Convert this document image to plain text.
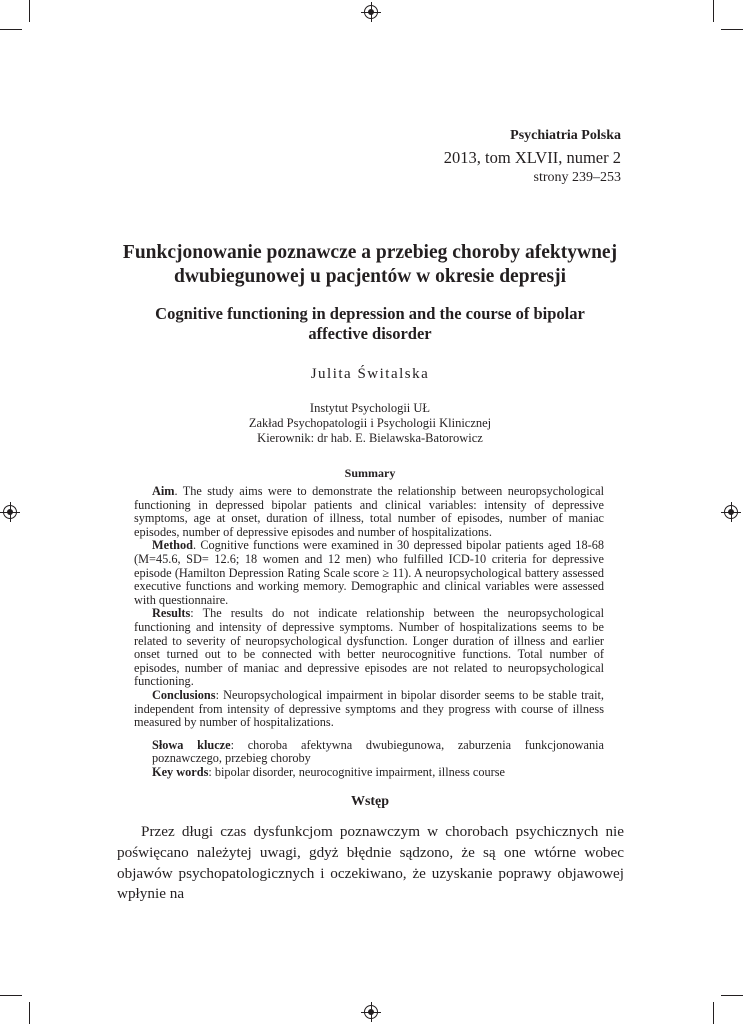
Psychiatria Polska
2013, tom XLVII, numer 2
strony 239–253
Funkcjonowanie poznawcze a przebieg choroby afektywnej
dwubiegunowej u pacjentów w okresie depresji
Cognitive functioning in depression and the course of bipolar
affective disorder
Julita Świtalska
Instytut Psychologii UŁ
Zakład Psychopatologii i Psychologii Klinicznej
Kierownik: dr hab. E. Bielawska-Batorowicz
Summary

Aim. The study aims were to demonstrate the relationship between neuropsychological functioning in depressed bipolar patients and clinical variables: intensity of depressive symptoms, age at onset, duration of illness, total number of episodes, number of maniac episodes, number of depressive episodes and number of hospitalizations.

Method. Cognitive functions were examined in 30 depressed bipolar patients aged 18-68 (M=45.6, SD= 12.6; 18 women and 12 men) who fulfilled ICD-10 criteria for depressive episode (Hamilton Depression Rating Scale score ≥ 11). A neuropsychological battery assessed executive functions and working memory. Demographic and clinical variables were assessed with questionnaire.

Results: The results do not indicate relationship between the neuropsychological functioning and intensity of depressive symptoms. Number of hospitalizations seems to be related to severity of neuropsychological dysfunction. Longer duration of illness and earlier onset turned out to be connected with better neurocognitive functions. Total number of episodes, number of maniac and depressive episodes are not related to neuropsychological functioning.

Conclusions: Neuropsychological impairment in bipolar disorder seems to be stable trait, independent from intensity of depressive symptoms and they progress with course of illness measured by number of hospitalizations.

Słowa klucze: choroba afektywna dwubiegunowa, zaburzenia funkcjonowania poznawczego, przebieg choroby

Key words: bipolar disorder, neurocognitive impairment, illness course

Wstęp

Przez długi czas dysfunkcjom poznawczym w chorobach psychicznych nie poświęcano należytej uwagi, gdyż błędnie sądzono, że są one wtórne wobec objawów psychopatologicznych i oczekiwano, że uzyskanie poprawy objawowej wpłynie na
